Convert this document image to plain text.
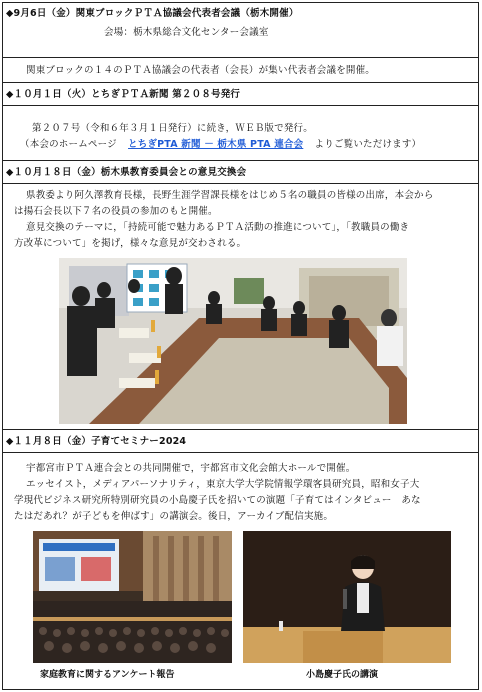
◆9月6日（金）関東ブロックＰＴＡ協議会代表者会議（栃木開催）
会場：栃木県総合文化センター会議室
関東ブロックの１４のＰＴＡ協議会の代表者（会長）が集い代表者会議を開催。
◆１０月１日（火）とちぎＰＴＡ新聞 第２０８号発行
第２０７号（令和６年３月１日発行）に続き，ＷＥＢ版で発行。
（本会のホームページ とちぎPTA 新聞 － 栃木県 PTA 連合会 よりご覧いただけます）
◆１０月１８日（金）栃木県教育委員会との意見交換会
県教委より阿久澤教育長様，長野生涯学習課長様をはじめ５名の職員の皆様の出席，本会から
は揚石会長以下７名の役員の参加のもと開催。
意見交換のテーマに，「持続可能で魅力あるＰＴＡ活動の推進について」，「教職員の働き
方改革について」を掲げ，様々な意見が交わされる。
◆１１月８日（金）子育てセミナー2024
宇都宮市ＰＴＡ連合会との共同開催で，宇都宮市文化会館大ホールで開催。
エッセイスト，メディアパーソナリティ，東京大学大学院情報学環客員研究員，昭和女子大
学現代ビジネス研究所特別研究員の小島慶子氏を招いての演題「子育てはインタビュー　あな
たはだあれ？が子どもを伸ばす」の講演会。後日，アーカイブ配信実施。
家庭教育に関するアンケート報告	小島慶子氏の講演
